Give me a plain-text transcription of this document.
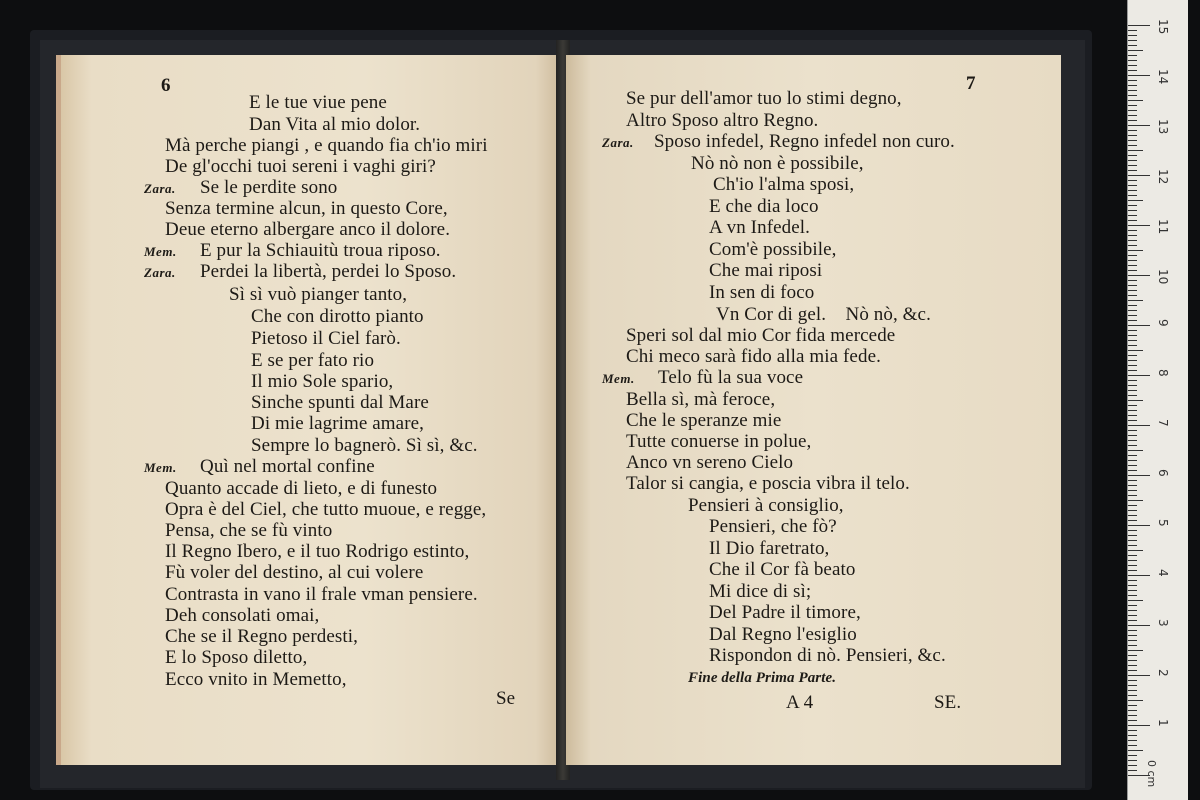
6
E le tue viue pene
Dan Vita al mio dolor.
Mà perche piangi , e quando fia ch'io miri
De gl'occhi tuoi sereni i vaghi giri?
Zara. Se le perdite sono
Senza termine alcun, in questo Core,
Deue eterno albergare anco il dolore.
Mem. E pur la Schiauitù troua riposo.
Zara. Perdei la libertà, perdei lo Sposo.
Sì sì vuò pianger tanto,
Che con dirotto pianto
Pietoso il Ciel farò.
E se per fato rio
Il mio Sole spario,
Sinche spunti dal Mare
Di mie lagrime amare,
Sempre lo bagnerò. Sì sì, &c.
Mem. Quì nel mortal confine
Quanto accade di lieto, e di funesto
Opra è del Ciel, che tutto muoue, e regge,
Pensa, che se fù vinto
Il Regno Ibero, e il tuo Rodrigo estinto,
Fù voler del destino, al cui volere
Contrasta in vano il frale vman pensiere.
Deh consolati omai,
Che se il Regno perdesti,
E lo Sposo diletto,
Ecco vnito in Memetto,
Se
7
Se pur dell'amor tuo lo stimi degno,
Altro Sposo altro Regno.
Zara. Sposo infedel, Regno infedel non curo.
Nò nò non è possibile,
Ch'io l'alma sposi,
E che dia loco
A vn Infedel.
Com'è possibile,
Che mai riposi
In sen di foco
Vn Cor di gel.    Nò nò, &c.
Speri sol dal mio Cor fida mercede
Chi meco sarà fido alla mia fede.
Mem. Telo fù la sua voce
Bella sì, mà feroce,
Che le speranze mie
Tutte conuerse in polue,
Anco vn sereno Cielo
Talor si cangia, e poscia vibra il telo.
Pensieri à consiglio,
Pensieri, che fò?
Il Dio faretrato,
Che il Cor fà beato
Mi dice di sì;
Del Padre il timore,
Dal Regno l'esiglio
Rispondon di nò. Pensieri, &c.
Fine della Prima Parte.
A 4	SE.
0 cm
1
2
3
4
5
6
7
8
9
10
11
12
13
14
15
